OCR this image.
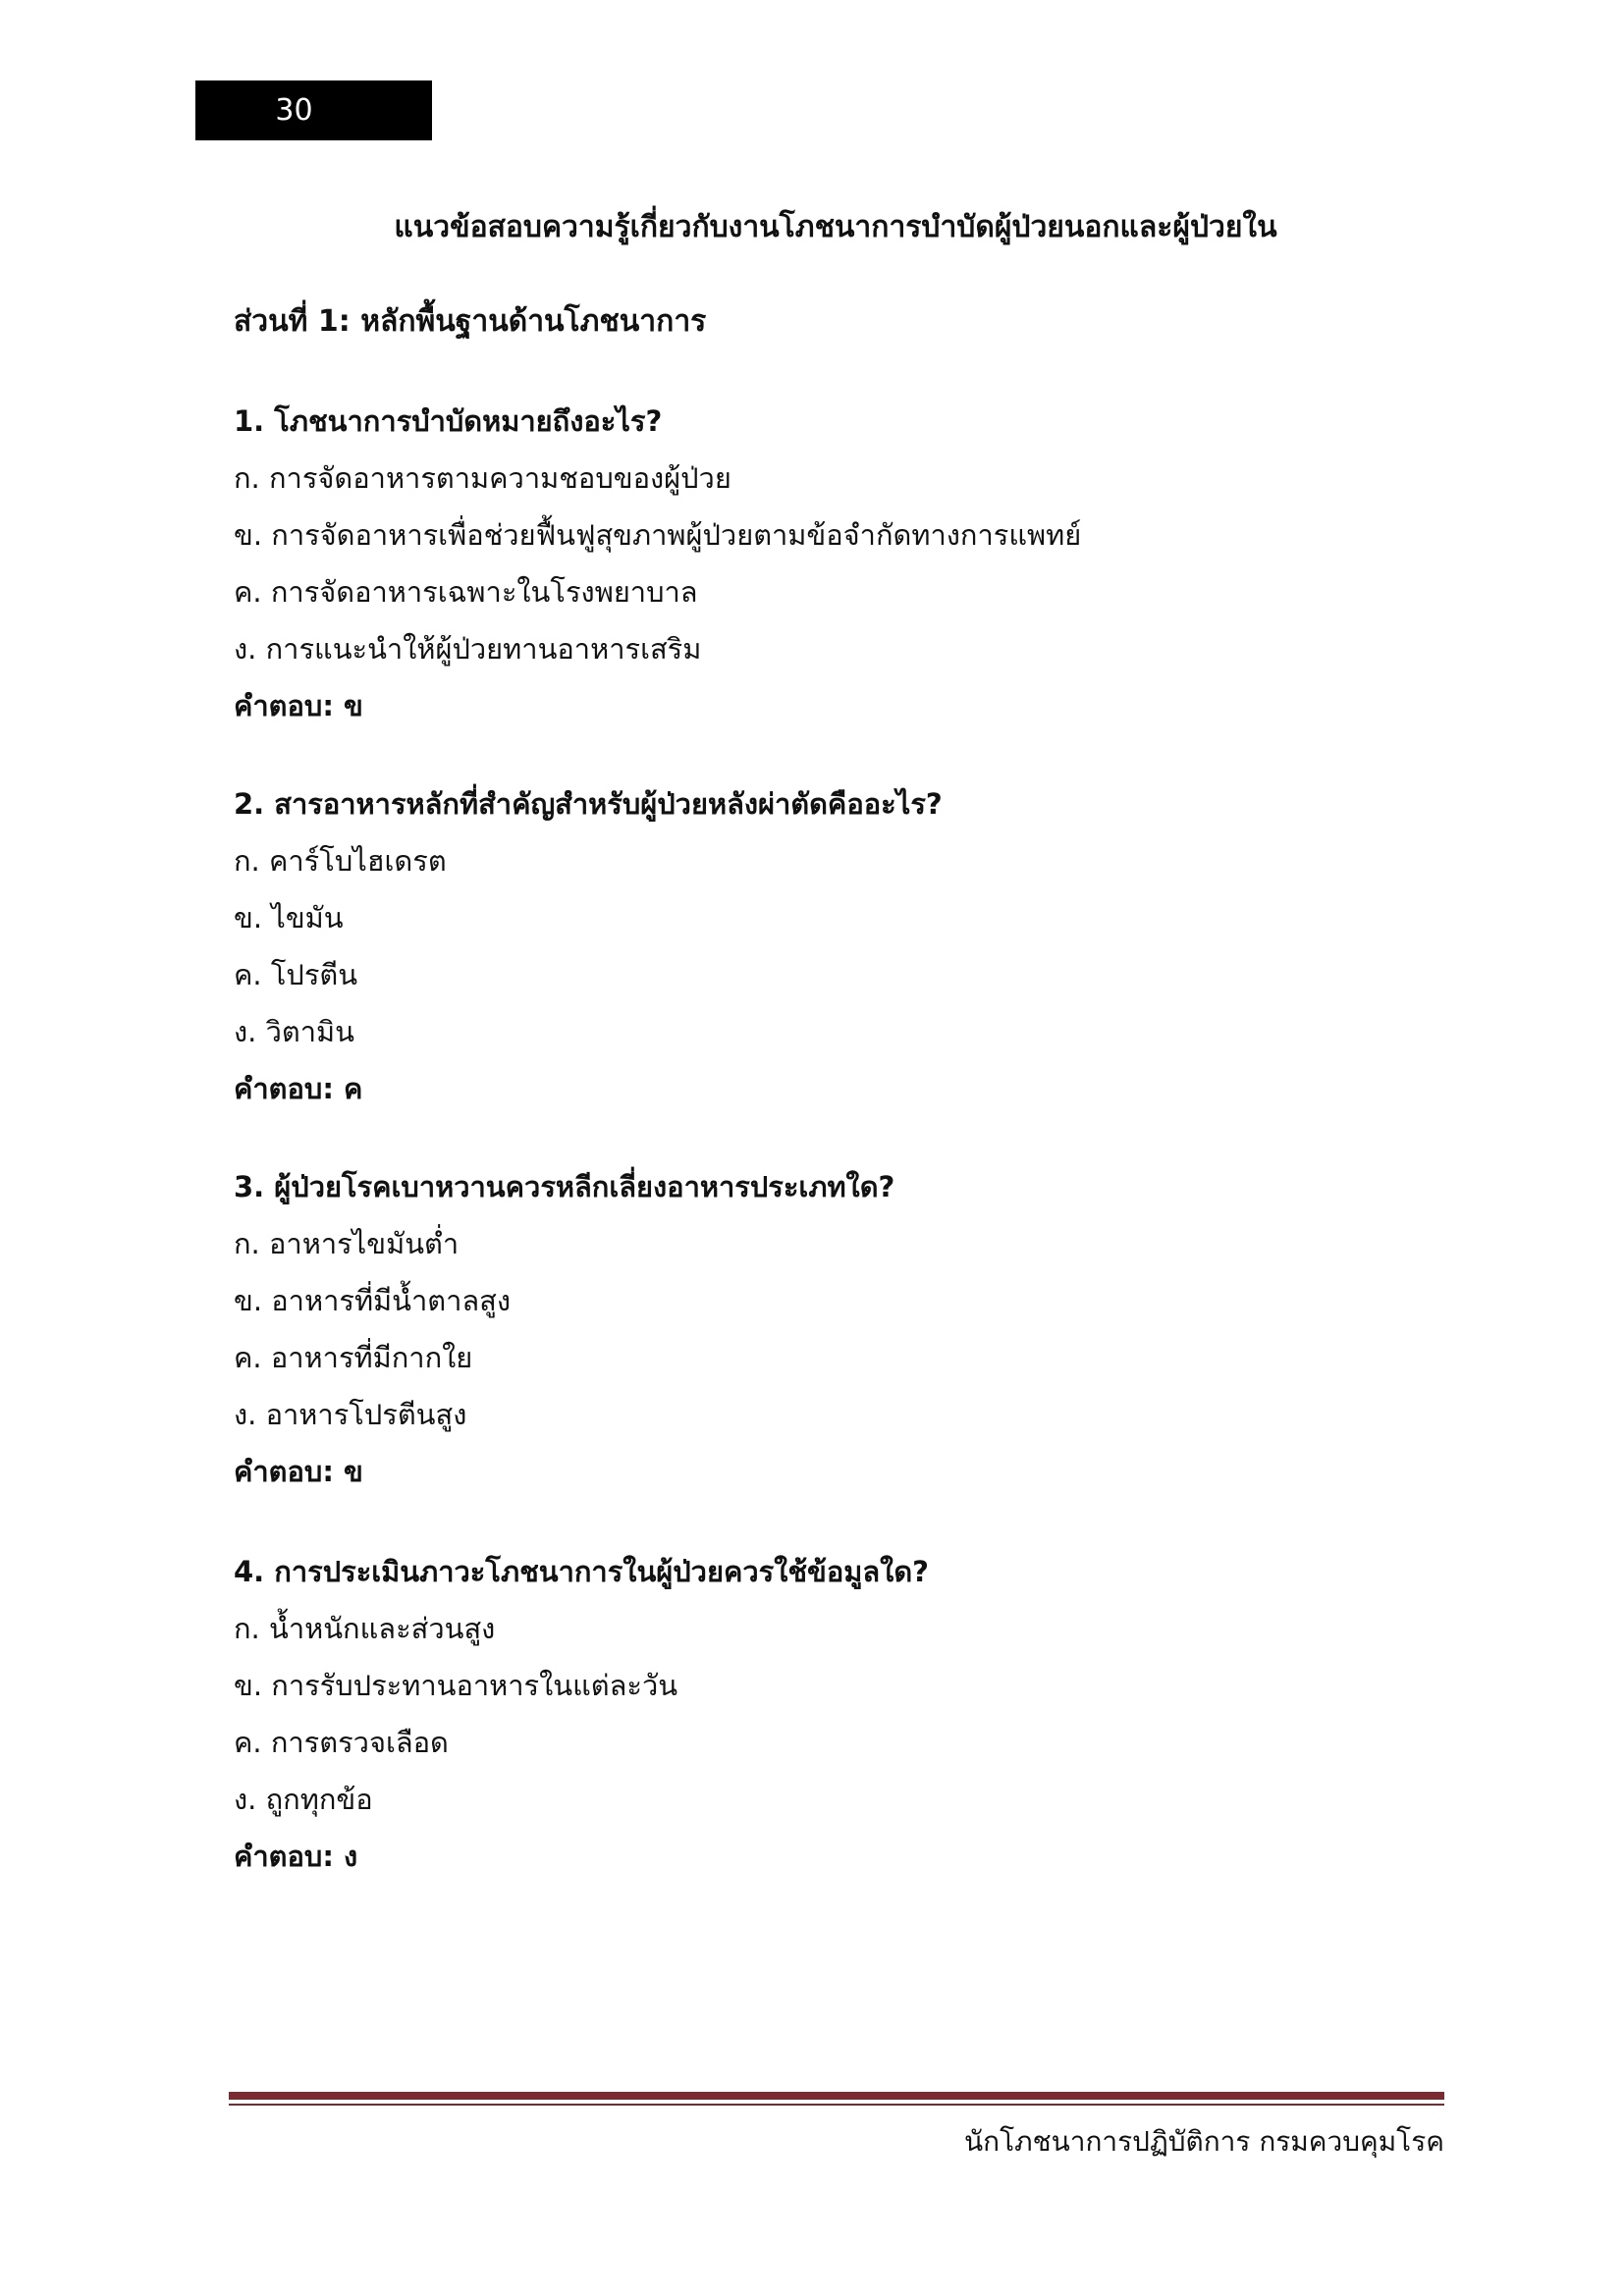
30
แนวข้อสอบความรู้เกี่ยวกับงานโภชนาการบำบัดผู้ป่วยนอกและผู้ป่วยใน
ส่วนที่ 1: หลักพื้นฐานด้านโภชนาการ
1. โภชนาการบำบัดหมายถึงอะไร?
ก. การจัดอาหารตามความชอบของผู้ป่วย
ข. การจัดอาหารเพื่อช่วยฟื้นฟูสุขภาพผู้ป่วยตามข้อจำกัดทางการแพทย์
ค. การจัดอาหารเฉพาะในโรงพยาบาล
ง. การแนะนำให้ผู้ป่วยทานอาหารเสริม
คำตอบ: ข
2. สารอาหารหลักที่สำคัญสำหรับผู้ป่วยหลังผ่าตัดคืออะไร?
ก. คาร์โบไฮเดรต
ข. ไขมัน
ค. โปรตีน
ง. วิตามิน
คำตอบ: ค
3. ผู้ป่วยโรคเบาหวานควรหลีกเลี่ยงอาหารประเภทใด?
ก. อาหารไขมันต่ำ
ข. อาหารที่มีน้ำตาลสูง
ค. อาหารที่มีกากใย
ง. อาหารโปรตีนสูง
คำตอบ: ข
4. การประเมินภาวะโภชนาการในผู้ป่วยควรใช้ข้อมูลใด?
ก. น้ำหนักและส่วนสูง
ข. การรับประทานอาหารในแต่ละวัน
ค. การตรวจเลือด
ง. ถูกทุกข้อ
คำตอบ: ง
นักโภชนาการปฏิบัติการ กรมควบคุมโรค
